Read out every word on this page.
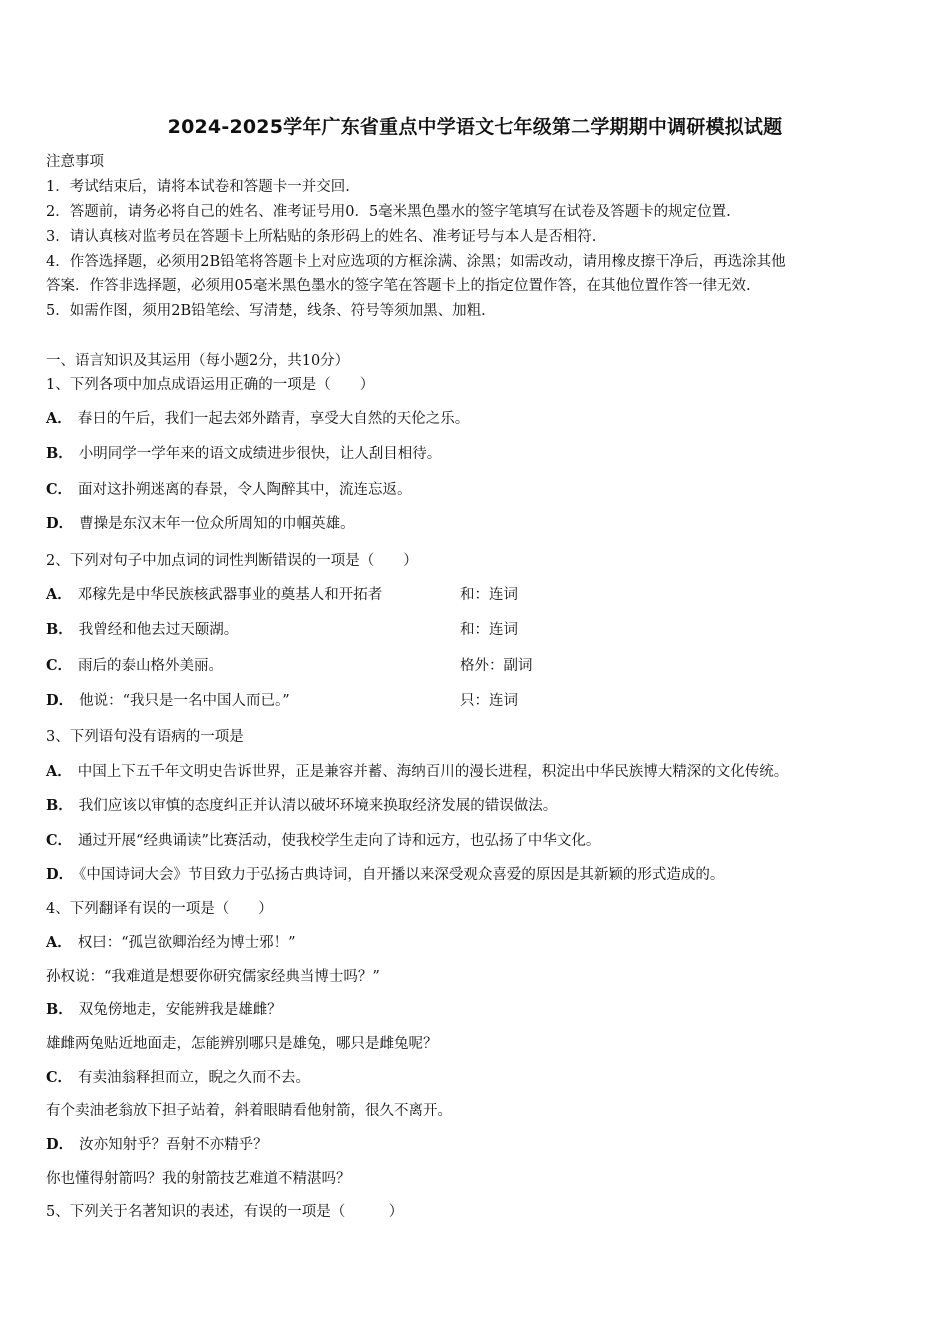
2024-2025学年广东省重点中学语文七年级第二学期期中调研模拟试题
注意事项
1．考试结束后，请将本试卷和答题卡一并交回.
2．答题前，请务必将自己的姓名、准考证号用0．5毫米黑色墨水的签字笔填写在试卷及答题卡的规定位置.
3．请认真核对监考员在答题卡上所粘贴的条形码上的姓名、准考证号与本人是否相符.
4．作答选择题，必须用2B铅笔将答题卡上对应选项的方框涂满、涂黑；如需改动，请用橡皮擦干净后，再选涂其他
答案．作答非选择题，必须用05毫米黑色墨水的签字笔在答题卡上的指定位置作答，在其他位置作答一律无效.
5．如需作图，须用2B铅笔绘、写清楚，线条、符号等须加黑、加粗.
一、语言知识及其运用（每小题2分，共10分）
1、下列各项中加点成语运用正确的一项是（　　）
A． 春日的午后，我们一起去郊外踏青，享受大自然的天伦之乐。
B． 小明同学一学年来的语文成绩进步很快，让人刮目相待。
C． 面对这扑朔迷离的春景，令人陶醉其中，流连忘返。
D． 曹操是东汉末年一位众所周知的巾帼英雄。
2、下列对句子中加点词的词性判断错误的一项是（　　）
A． 邓稼先是中华民族核武器事业的奠基人和开拓者	和：连词
B． 我曾经和他去过天颐湖。	和：连词
C． 雨后的泰山格外美丽。	格外：副词
D． 他说：“我只是一名中国人而已。”	只：连词
3、下列语句没有语病的一项是
A． 中国上下五千年文明史告诉世界，正是兼容并蓄、海纳百川的漫长进程，积淀出中华民族博大精深的文化传统。
B． 我们应该以审慎的态度纠正并认清以破坏环境来换取经济发展的错误做法。
C． 通过开展“经典诵读”比赛活动，使我校学生走向了诗和远方，也弘扬了中华文化。
D． 《中国诗词大会》节目致力于弘扬古典诗词，自开播以来深受观众喜爱的原因是其新颖的形式造成的。
4、下列翻译有误的一项是（　　）
A． 权曰：“孤岂欲卿治经为博士邪！”
孙权说：“我难道是想要你研究儒家经典当博士吗？”
B． 双兔傍地走，安能辨我是雄雌？
雄雌两兔贴近地面走，怎能辨别哪只是雄兔，哪只是雌兔呢？
C． 有卖油翁释担而立，睨之久而不去。
有个卖油老翁放下担子站着，斜着眼睛看他射箭，很久不离开。
D． 汝亦知射乎？吾射不亦精乎？
你也懂得射箭吗？我的射箭技艺难道不精湛吗？
5、下列关于名著知识的表述，有误的一项是（　　　）
